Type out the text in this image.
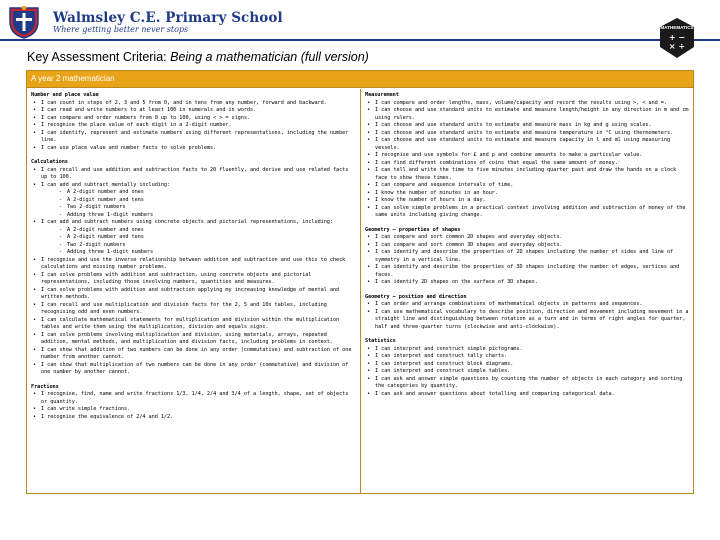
Walmsley C.E. Primary School
Where getting better never stops
Key Assessment Criteria: Being a mathematician (full version)
MATHEMATICS
+ −
× ÷
A year 2 mathematician
Number and place value
• I can count in steps of 2, 3 and 5 from 0, and in tens from any number, forward and backward.
• I can read and write numbers to at least 100 in numerals and in words.
• I can compare and order numbers from 0 up to 100, using < > = signs.
• I recognise the place value of each digit in a 2-digit number.
• I can identify, represent and estimate numbers using different representations, including the number line.
• I can use place value and number facts to solve problems.
Calculations
• I can recall and use addition and subtraction facts to 20 fluently, and derive and use related facts up to 100.
• I can add and subtract mentally including:
- A 2-digit number and ones
- A 2-digit number and tens
- Two 2-digit numbers
- Adding three 1-digit numbers
• I can add and subtract numbers using concrete objects and pictorial representations, including:
- A 2-digit number and ones
- A 2-digit number and tens
- Two 2-digit numbers
- Adding three 1-digit numbers
• I recognise and use the inverse relationship between addition and subtraction and use this to check calculations and missing number problems.
• I can solve problems with addition and subtraction, using concrete objects and pictorial representations, including those involving numbers, quantities and measures.
• I can solve problems with addition and subtraction applying my increasing knowledge of mental and written methods.
• I can recall and use multiplication and division facts for the 2, 5 and 10x tables, including recognising odd and even numbers.
• I can calculate mathematical statements for multiplication and division within the multiplication tables and write them using the multiplication, division and equals signs.
• I can solve problems involving multiplication and division, using materials, arrays, repeated addition, mental methods, and multiplication and division facts, including problems in context.
• I can show that addition of two numbers can be done in any order (commutative) and subtraction of one number from another cannot.
• I can show that multiplication of two numbers can be done in any order (commutative) and division of one number by another cannot.
Fractions
• I recognise, find, name and write fractions 1/3, 1/4, 2/4 and 3/4 of a length, shape, set of objects or quantity.
• I can write simple fractions.
• I recognise the equivalence of 2/4 and 1/2.
Measurement
• I can compare and order lengths, mass, volume/capacity and record the results using >, < and =.
• I can choose and use standard units to estimate and measure length/height in any direction in m and cm using rulers.
• I can choose and use standard units to estimate and measure mass in kg and g using scales.
• I can choose and use standard units to estimate and measure temperature in °C using thermometers.
• I can choose and use standard units to estimate and measure capacity in l and ml using measuring vessels.
• I recognise and use symbols for £ and p and combine amounts to make a particular value.
• I can find different combinations of coins that equal the same amount of money.
• I can tell and write the time to five minutes including quarter past and draw the hands on a clock face to show these times.
• I can compare and sequence intervals of time.
• I know the number of minutes in an hour.
• I know the number of hours in a day.
• I can solve simple problems in a practical context involving addition and subtraction of money of the same units including giving change.
Geometry – properties of shapes
• I can compare and sort common 2D shapes and everyday objects.
• I can compare and sort common 3D shapes and everyday objects.
• I can identify and describe the properties of 2D shapes including the number of sides and line of symmetry in a vertical line.
• I can identify and describe the properties of 3D shapes including the number of edges, vertices and faces.
• I can identify 2D shapes on the surface of 3D shapes.
Geometry – position and direction
• I can order and arrange combinations of mathematical objects in patterns and sequences.
• I can use mathematical vocabulary to describe position, direction and movement including movement in a straight line and distinguishing between rotation as a turn and in terms of right angles for quarter, half and three-quarter turns (clockwise and anti-clockwise).
Statistics
• I can interpret and construct simple pictograms.
• I can interpret and construct tally charts.
• I can interpret and construct block diagrams.
• I can interpret and construct simple tables.
• I can ask and answer simple questions by counting the number of objects in each category and sorting the categories by quantity.
• I can ask and answer questions about totalling and comparing categorical data.
